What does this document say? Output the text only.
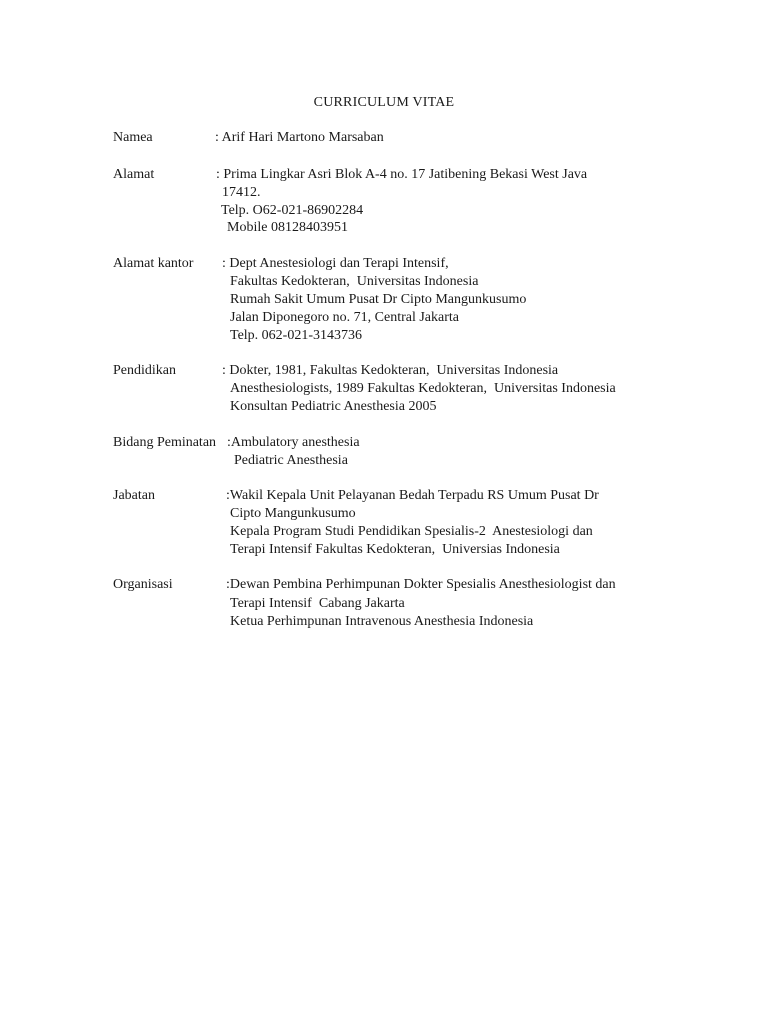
CURRICULUM VITAE
Namea	: Arif Hari Martono Marsaban
Alamat	: Prima Lingkar Asri Blok A-4 no. 17 Jatibening Bekasi West Java
17412.
Telp. O62-021-86902284
Mobile 08128403951
Alamat kantor : Dept Anestesiologi dan Terapi Intensif,
Fakultas Kedokteran,  Universitas Indonesia
Rumah Sakit Umum Pusat Dr Cipto Mangunkusumo
Jalan Diponegoro no. 71, Central Jakarta
Telp. 062-021-3143736
Pendidikan	: Dokter, 1981, Fakultas Kedokteran,  Universitas Indonesia
Anesthesiologists, 1989 Fakultas Kedokteran,  Universitas Indonesia
Konsultan Pediatric Anesthesia 2005
Bidang Peminatan :Ambulatory anesthesia
Pediatric Anesthesia
Jabatan	:Wakil Kepala Unit Pelayanan Bedah Terpadu RS Umum Pusat Dr
Cipto Mangunkusumo
Kepala Program Studi Pendidikan Spesialis-2  Anestesiologi dan
Terapi Intensif Fakultas Kedokteran,  Universias Indonesia
Organisasi	:Dewan Pembina Perhimpunan Dokter Spesialis Anesthesiologist dan
Terapi Intensif  Cabang Jakarta
Ketua Perhimpunan Intravenous Anesthesia Indonesia
